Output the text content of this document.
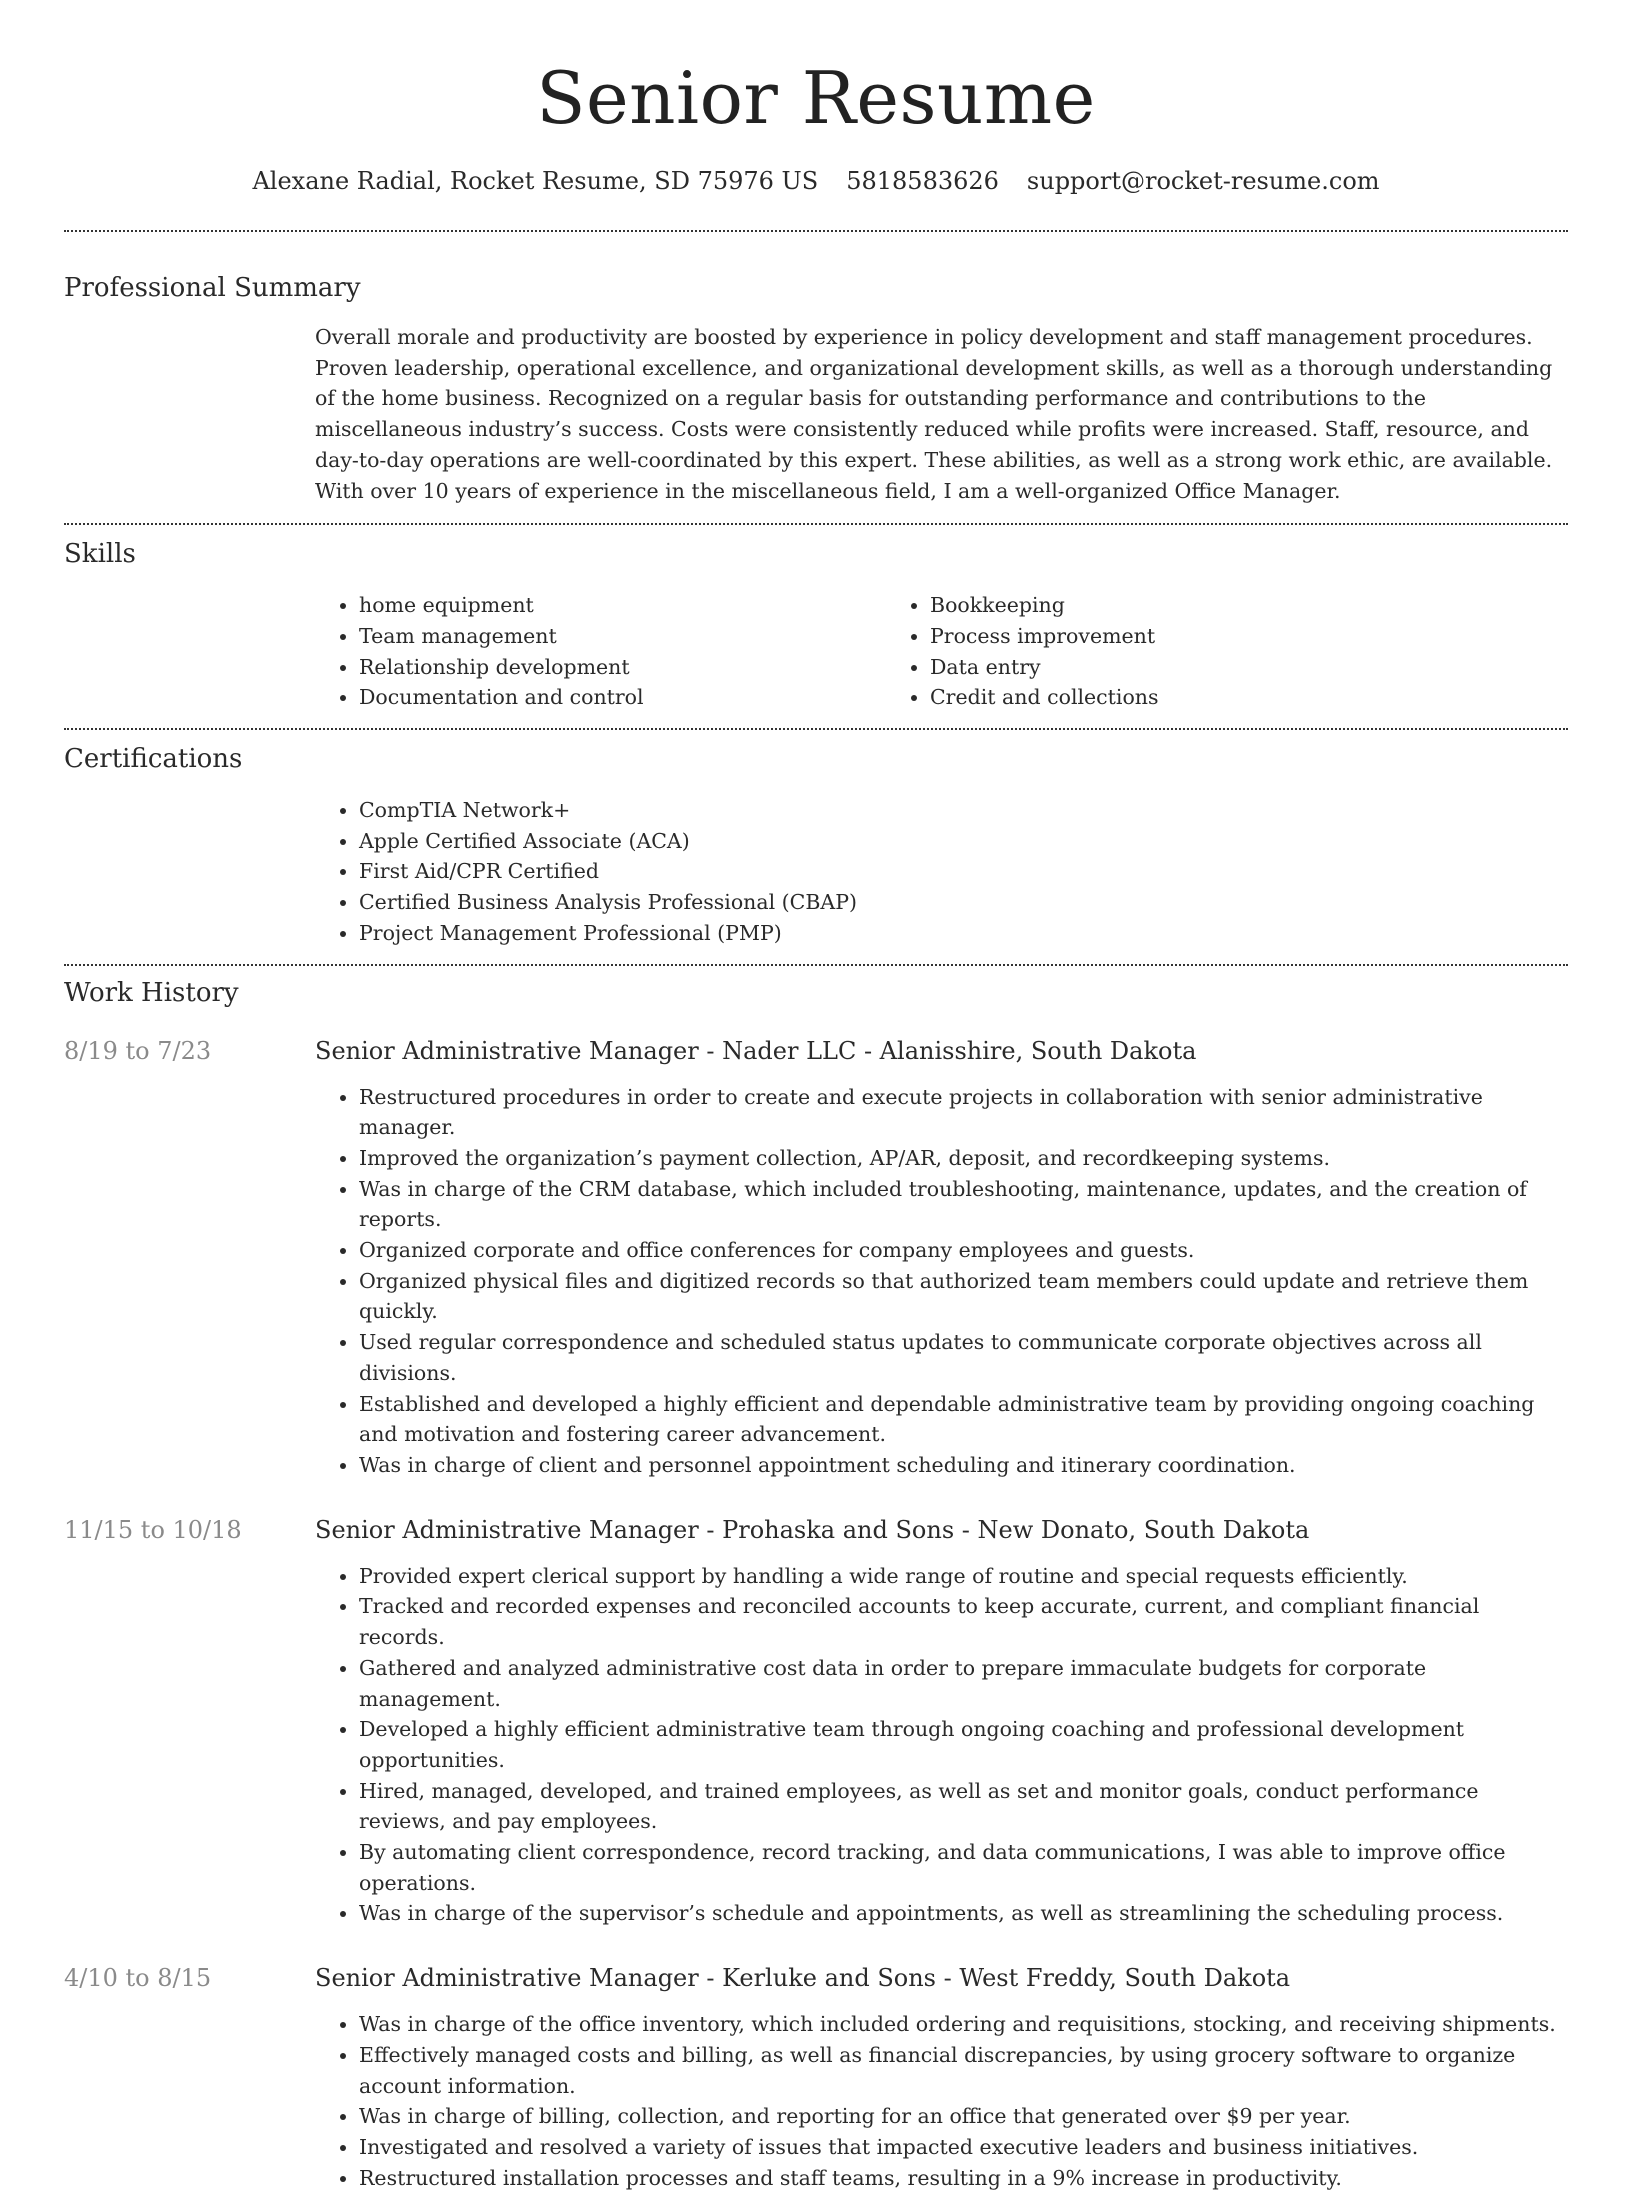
Senior Resume
Alexane Radial, Rocket Resume, SD 75976 US 5818583626 support@rocket-resume.com
Professional Summary
Overall morale and productivity are boosted by experience in policy development and staff management procedures. Proven leadership, operational excellence, and organizational development skills, as well as a thorough understanding of the home business. Recognized on a regular basis for outstanding performance and contributions to the miscellaneous industry’s success. Costs were consistently reduced while profits were increased. Staff, resource, and day-to-day operations are well-coordinated by this expert. These abilities, as well as a strong work ethic, are available. With over 10 years of experience in the miscellaneous field, I am a well-organized Office Manager.
Skills
• home equipment
• Team management
• Relationship development
• Documentation and control
• Bookkeeping
• Process improvement
• Data entry
• Credit and collections
Certifications
• CompTIA Network+
• Apple Certified Associate (ACA)
• First Aid/CPR Certified
• Certified Business Analysis Professional (CBAP)
• Project Management Professional (PMP)
Work History
8/19 to 7/23	Senior Administrative Manager - Nader LLC - Alanisshire, South Dakota
• Restructured procedures in order to create and execute projects in collaboration with senior administrative manager.
• Improved the organization’s payment collection, AP/AR, deposit, and recordkeeping systems.
• Was in charge of the CRM database, which included troubleshooting, maintenance, updates, and the creation of reports.
• Organized corporate and office conferences for company employees and guests.
• Organized physical files and digitized records so that authorized team members could update and retrieve them quickly.
• Used regular correspondence and scheduled status updates to communicate corporate objectives across all divisions.
• Established and developed a highly efficient and dependable administrative team by providing ongoing coaching and motivation and fostering career advancement.
• Was in charge of client and personnel appointment scheduling and itinerary coordination.
11/15 to 10/18	Senior Administrative Manager - Prohaska and Sons - New Donato, South Dakota
• Provided expert clerical support by handling a wide range of routine and special requests efficiently.
• Tracked and recorded expenses and reconciled accounts to keep accurate, current, and compliant financial records.
• Gathered and analyzed administrative cost data in order to prepare immaculate budgets for corporate management.
• Developed a highly efficient administrative team through ongoing coaching and professional development opportunities.
• Hired, managed, developed, and trained employees, as well as set and monitor goals, conduct performance reviews, and pay employees.
• By automating client correspondence, record tracking, and data communications, I was able to improve office operations.
• Was in charge of the supervisor’s schedule and appointments, as well as streamlining the scheduling process.
4/10 to 8/15	Senior Administrative Manager - Kerluke and Sons - West Freddy, South Dakota
• Was in charge of the office inventory, which included ordering and requisitions, stocking, and receiving shipments.
• Effectively managed costs and billing, as well as financial discrepancies, by using grocery software to organize account information.
• Was in charge of billing, collection, and reporting for an office that generated over $9 per year.
• Investigated and resolved a variety of issues that impacted executive leaders and business initiatives.
• Restructured installation processes and staff teams, resulting in a 9% increase in productivity.
